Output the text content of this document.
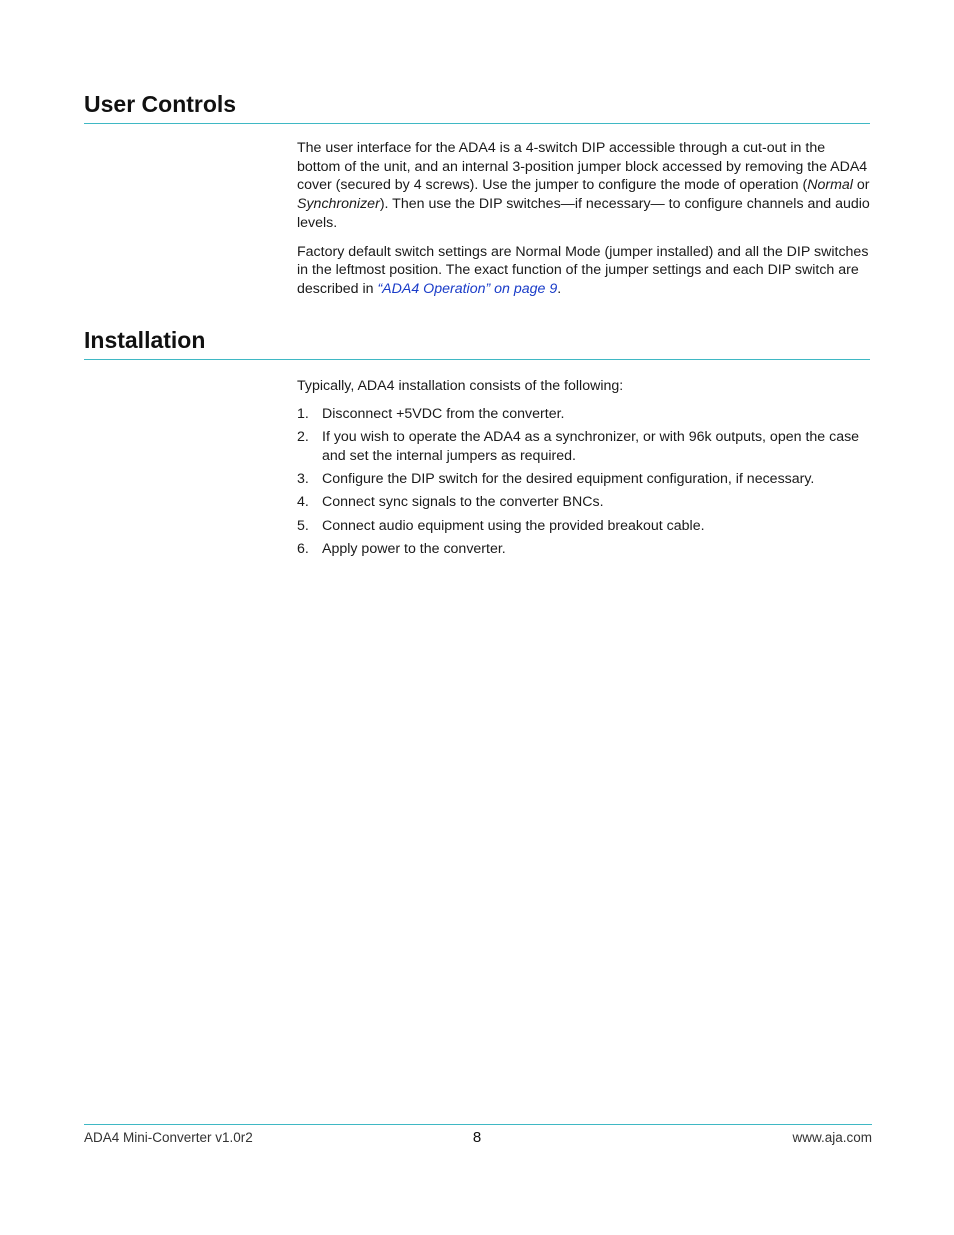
User Controls

The user interface for the ADA4 is a 4-switch DIP accessible through a cut-out in the bottom of the unit, and an internal 3-position jumper block accessed by removing the ADA4 cover (secured by 4 screws). Use the jumper to configure the mode of operation (Normal or Synchronizer). Then use the DIP switches—if necessary— to configure channels and audio levels.

Factory default switch settings are Normal Mode (jumper installed) and all the DIP switches in the leftmost position. The exact function of the jumper settings and each DIP switch are described in “ADA4 Operation” on page 9.

Installation

Typically, ADA4 installation consists of the following:

1. Disconnect +5VDC from the converter.
2. If you wish to operate the ADA4 as a synchronizer, or with 96k outputs, open the case and set the internal jumpers as required.
3. Configure the DIP switch for the desired equipment configuration, if necessary.
4. Connect sync signals to the converter BNCs.
5. Connect audio equipment using the provided breakout cable.
6. Apply power to the converter.
ADA4 Mini-Converter v1.0r2	8	www.aja.com
